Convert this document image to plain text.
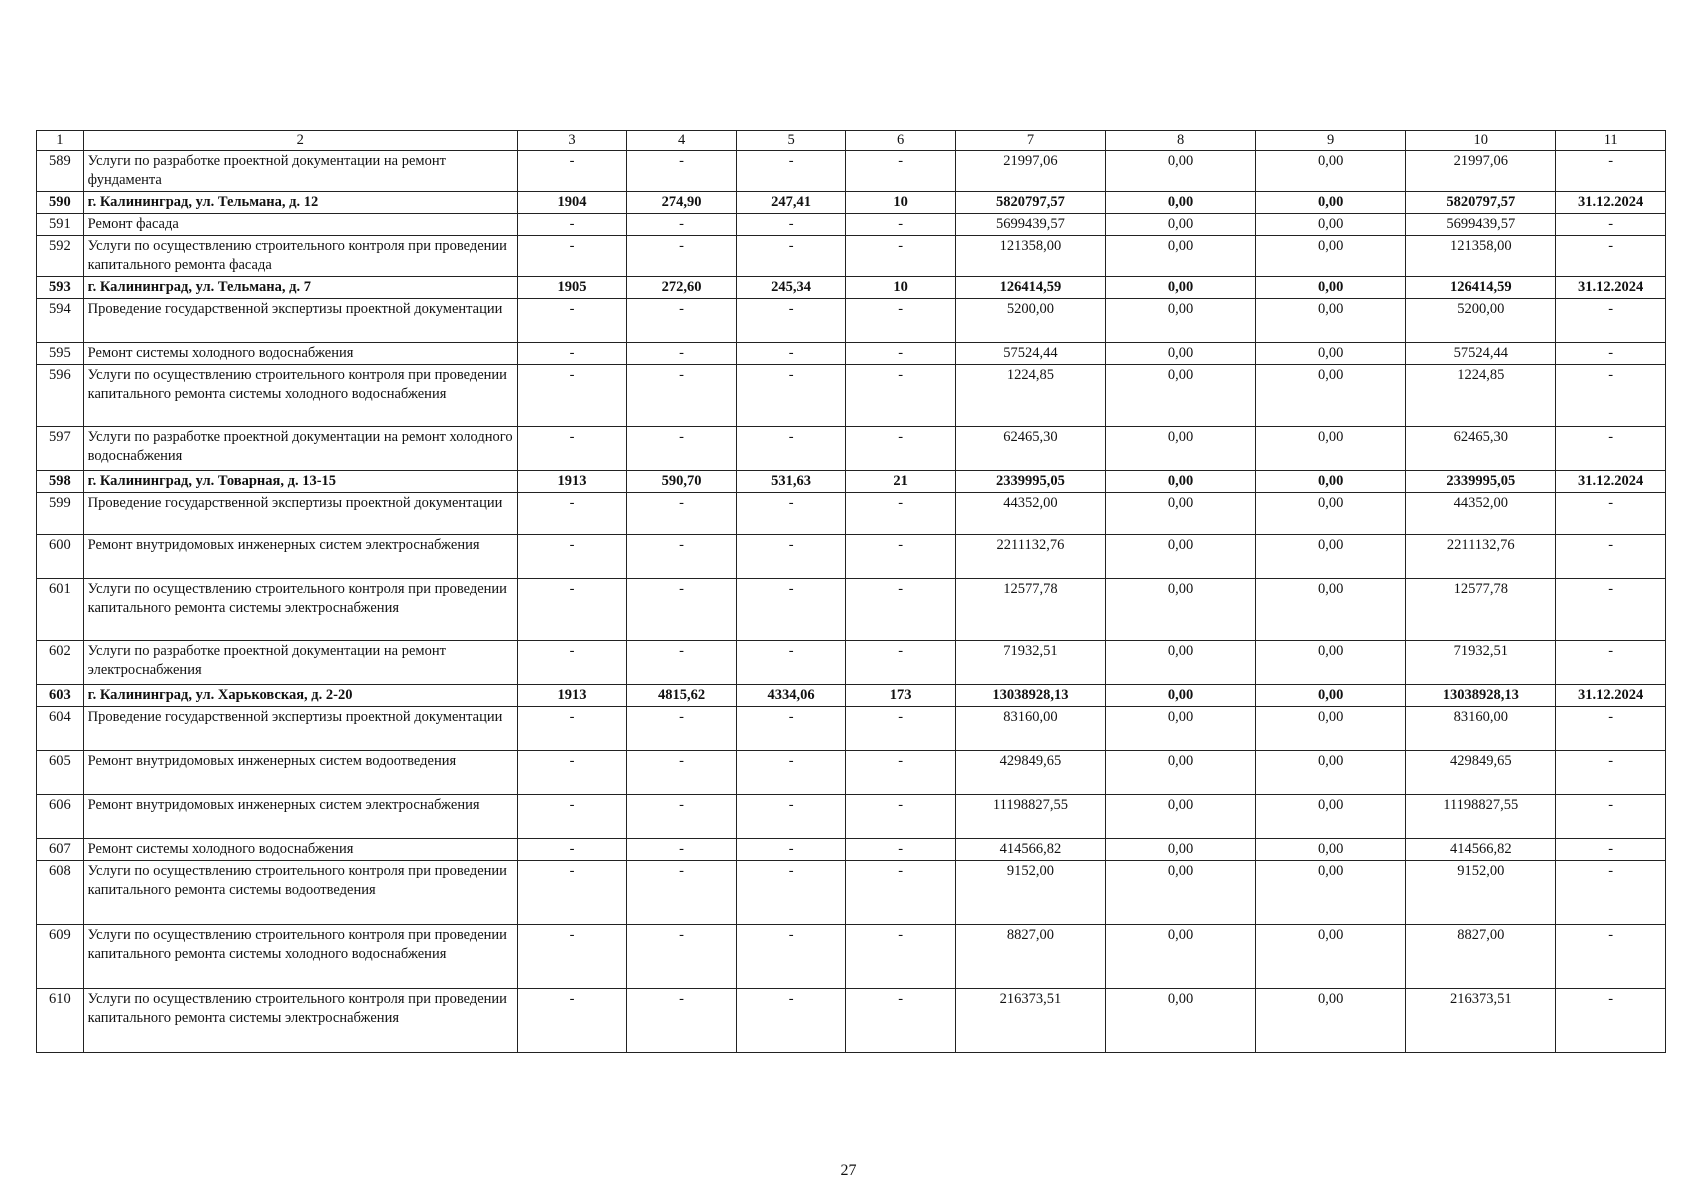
1	2	3	4	5	6	7	8	9	10	11
589	Услуги по разработке проектной документации на ремонт фундамента	-	-	-	-	21997,06	0,00	0,00	21997,06	-
590	г. Калининград, ул. Тельмана, д. 12	1904	274,90	247,41	10	5820797,57	0,00	0,00	5820797,57	31.12.2024
591	Ремонт фасада	-	-	-	-	5699439,57	0,00	0,00	5699439,57	-
592	Услуги по осуществлению строительного контроля при проведении капитального ремонта фасада	-	-	-	-	121358,00	0,00	0,00	121358,00	-
593	г. Калининград, ул. Тельмана, д. 7	1905	272,60	245,34	10	126414,59	0,00	0,00	126414,59	31.12.2024
594	Проведение государственной экспертизы проектной документации	-	-	-	-	5200,00	0,00	0,00	5200,00	-
595	Ремонт системы холодного водоснабжения	-	-	-	-	57524,44	0,00	0,00	57524,44	-
596	Услуги по осуществлению строительного контроля при проведении капитального ремонта системы холодного водоснабжения	-	-	-	-	1224,85	0,00	0,00	1224,85	-
597	Услуги по разработке проектной документации на ремонт холодного водоснабжения	-	-	-	-	62465,30	0,00	0,00	62465,30	-
598	г. Калининград, ул. Товарная, д. 13-15	1913	590,70	531,63	21	2339995,05	0,00	0,00	2339995,05	31.12.2024
599	Проведение государственной экспертизы проектной документации	-	-	-	-	44352,00	0,00	0,00	44352,00	-
600	Ремонт внутридомовых инженерных систем электроснабжения	-	-	-	-	2211132,76	0,00	0,00	2211132,76	-
601	Услуги по осуществлению строительного контроля при проведении капитального ремонта системы электроснабжения	-	-	-	-	12577,78	0,00	0,00	12577,78	-
602	Услуги по разработке проектной документации на ремонт электроснабжения	-	-	-	-	71932,51	0,00	0,00	71932,51	-
603	г. Калининград, ул. Харьковская, д. 2-20	1913	4815,62	4334,06	173	13038928,13	0,00	0,00	13038928,13	31.12.2024
604	Проведение государственной экспертизы проектной документации	-	-	-	-	83160,00	0,00	0,00	83160,00	-
605	Ремонт внутридомовых инженерных систем водоотведения	-	-	-	-	429849,65	0,00	0,00	429849,65	-
606	Ремонт внутридомовых инженерных систем электроснабжения	-	-	-	-	11198827,55	0,00	0,00	11198827,55	-
607	Ремонт системы холодного водоснабжения	-	-	-	-	414566,82	0,00	0,00	414566,82	-
608	Услуги по осуществлению строительного контроля при проведении капитального ремонта системы водоотведения	-	-	-	-	9152,00	0,00	0,00	9152,00	-
609	Услуги по осуществлению строительного контроля при проведении капитального ремонта системы холодного водоснабжения	-	-	-	-	8827,00	0,00	0,00	8827,00	-
610	Услуги по осуществлению строительного контроля при проведении капитального ремонта системы электроснабжения	-	-	-	-	216373,51	0,00	0,00	216373,51	-
27
